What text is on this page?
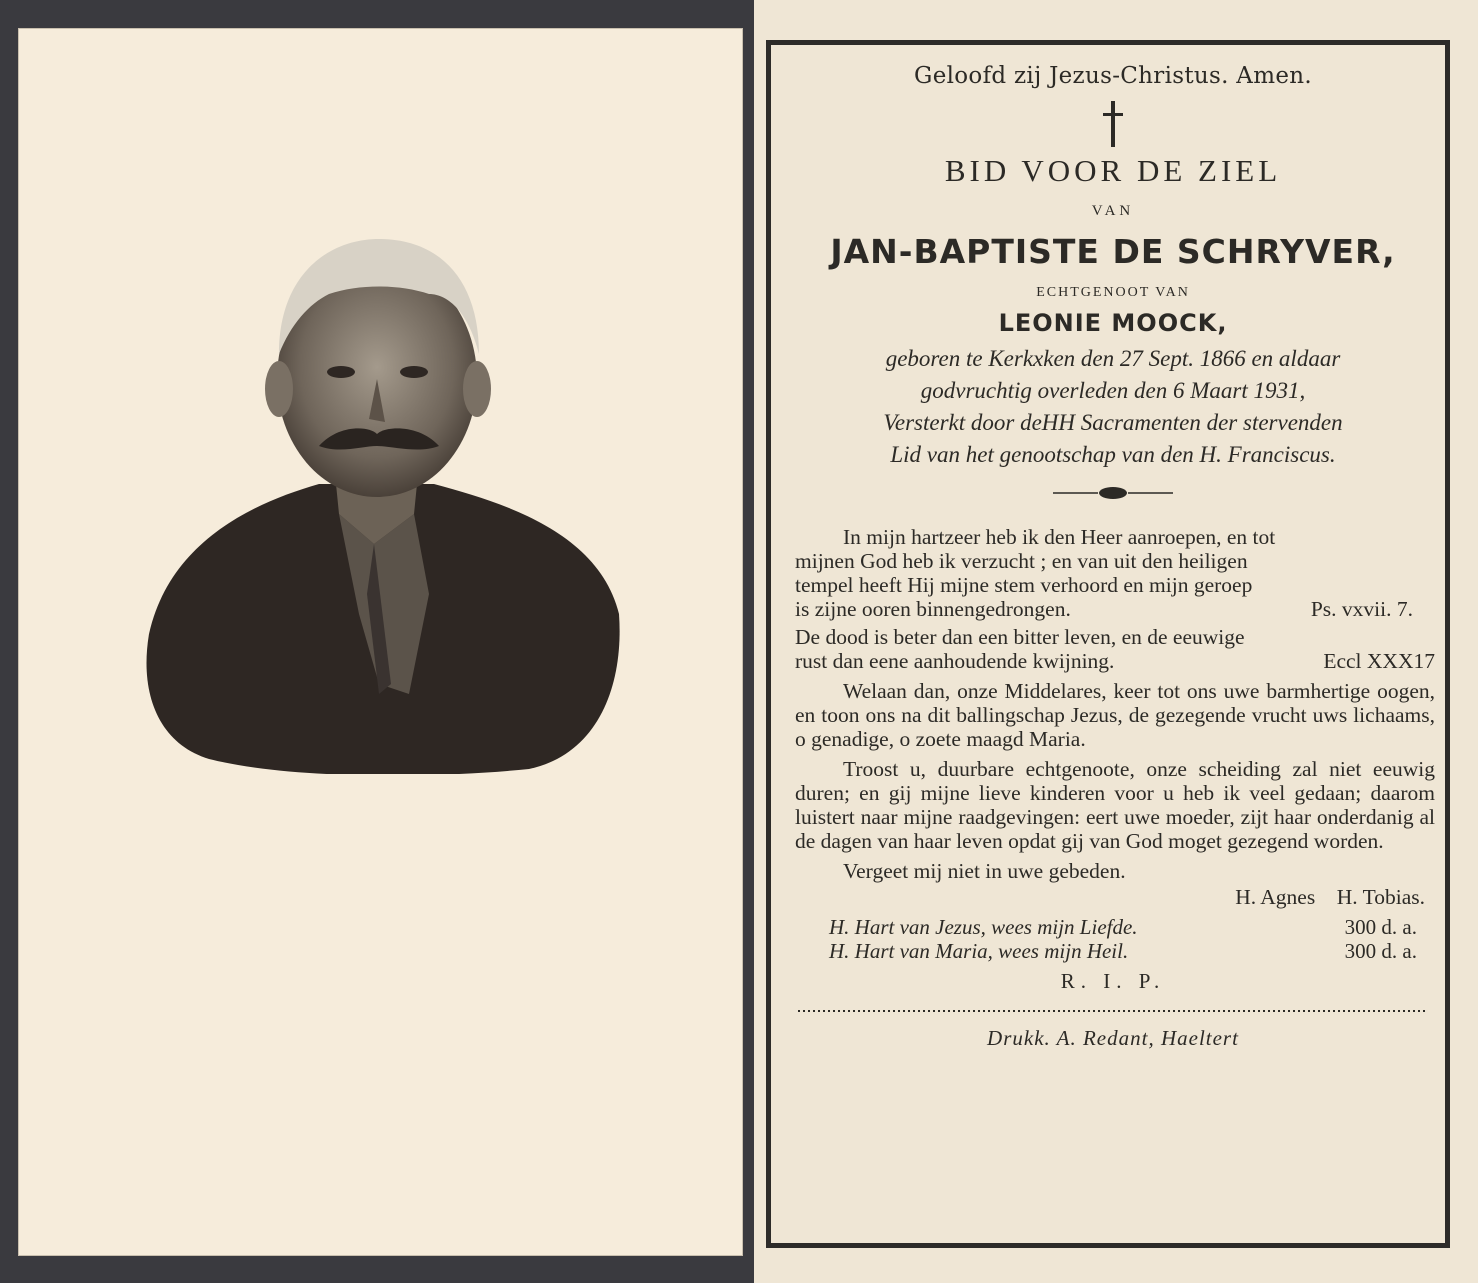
Geloofd zij Jezus-Christus. Amen.
BID VOOR DE ZIEL
VAN
JAN-BAPTISTE DE SCHRYVER,
ECHTGENOOT VAN
LEONIE MOOCK,
geboren te Kerkxken den 27 Sept. 1866 en aldaar
godvruchtig overleden den 6 Maart 1931,
Versterkt door deHH Sacramenten der stervenden
Lid van het genootschap van den H. Franciscus.

In mijn hartzeer heb ik den Heer aanroepen, en tot
mijnen God heb ik verzucht ; en van uit den heiligen
tempel heeft Hij mijne stem verhoord en mijn geroep
is zijne ooren binnengedrongen.	Ps. vxvii. 7.

De dood is beter dan een bitter leven, en de eeuwige
rust dan eene aanhoudende kwijning.	Eccl XXX17

Welaan dan, onze Middelares, keer tot ons uwe barmhertige oogen, en toon ons na dit ballingschap Jezus, de gezegende vrucht uws lichaams, o genadige, o zoete maagd Maria.

Troost u, duurbare echtgenoote, onze scheiding zal niet eeuwig duren; en gij mijne lieve kinderen voor u heb ik veel gedaan; daarom luistert naar mijne raadgevingen: eert uwe moeder, zijt haar onderdanig al de dagen van haar leven opdat gij van God moget gezegend worden.

Vergeet mij niet in uwe gebeden.

H. Agnes    H. Tobias.

H. Hart van Jezus, wees mijn Liefde.	300 d. a.
H. Hart van Maria, wees mijn Heil.	300 d. a.
R. I. P.
Drukk. A. Redant, Haeltert
